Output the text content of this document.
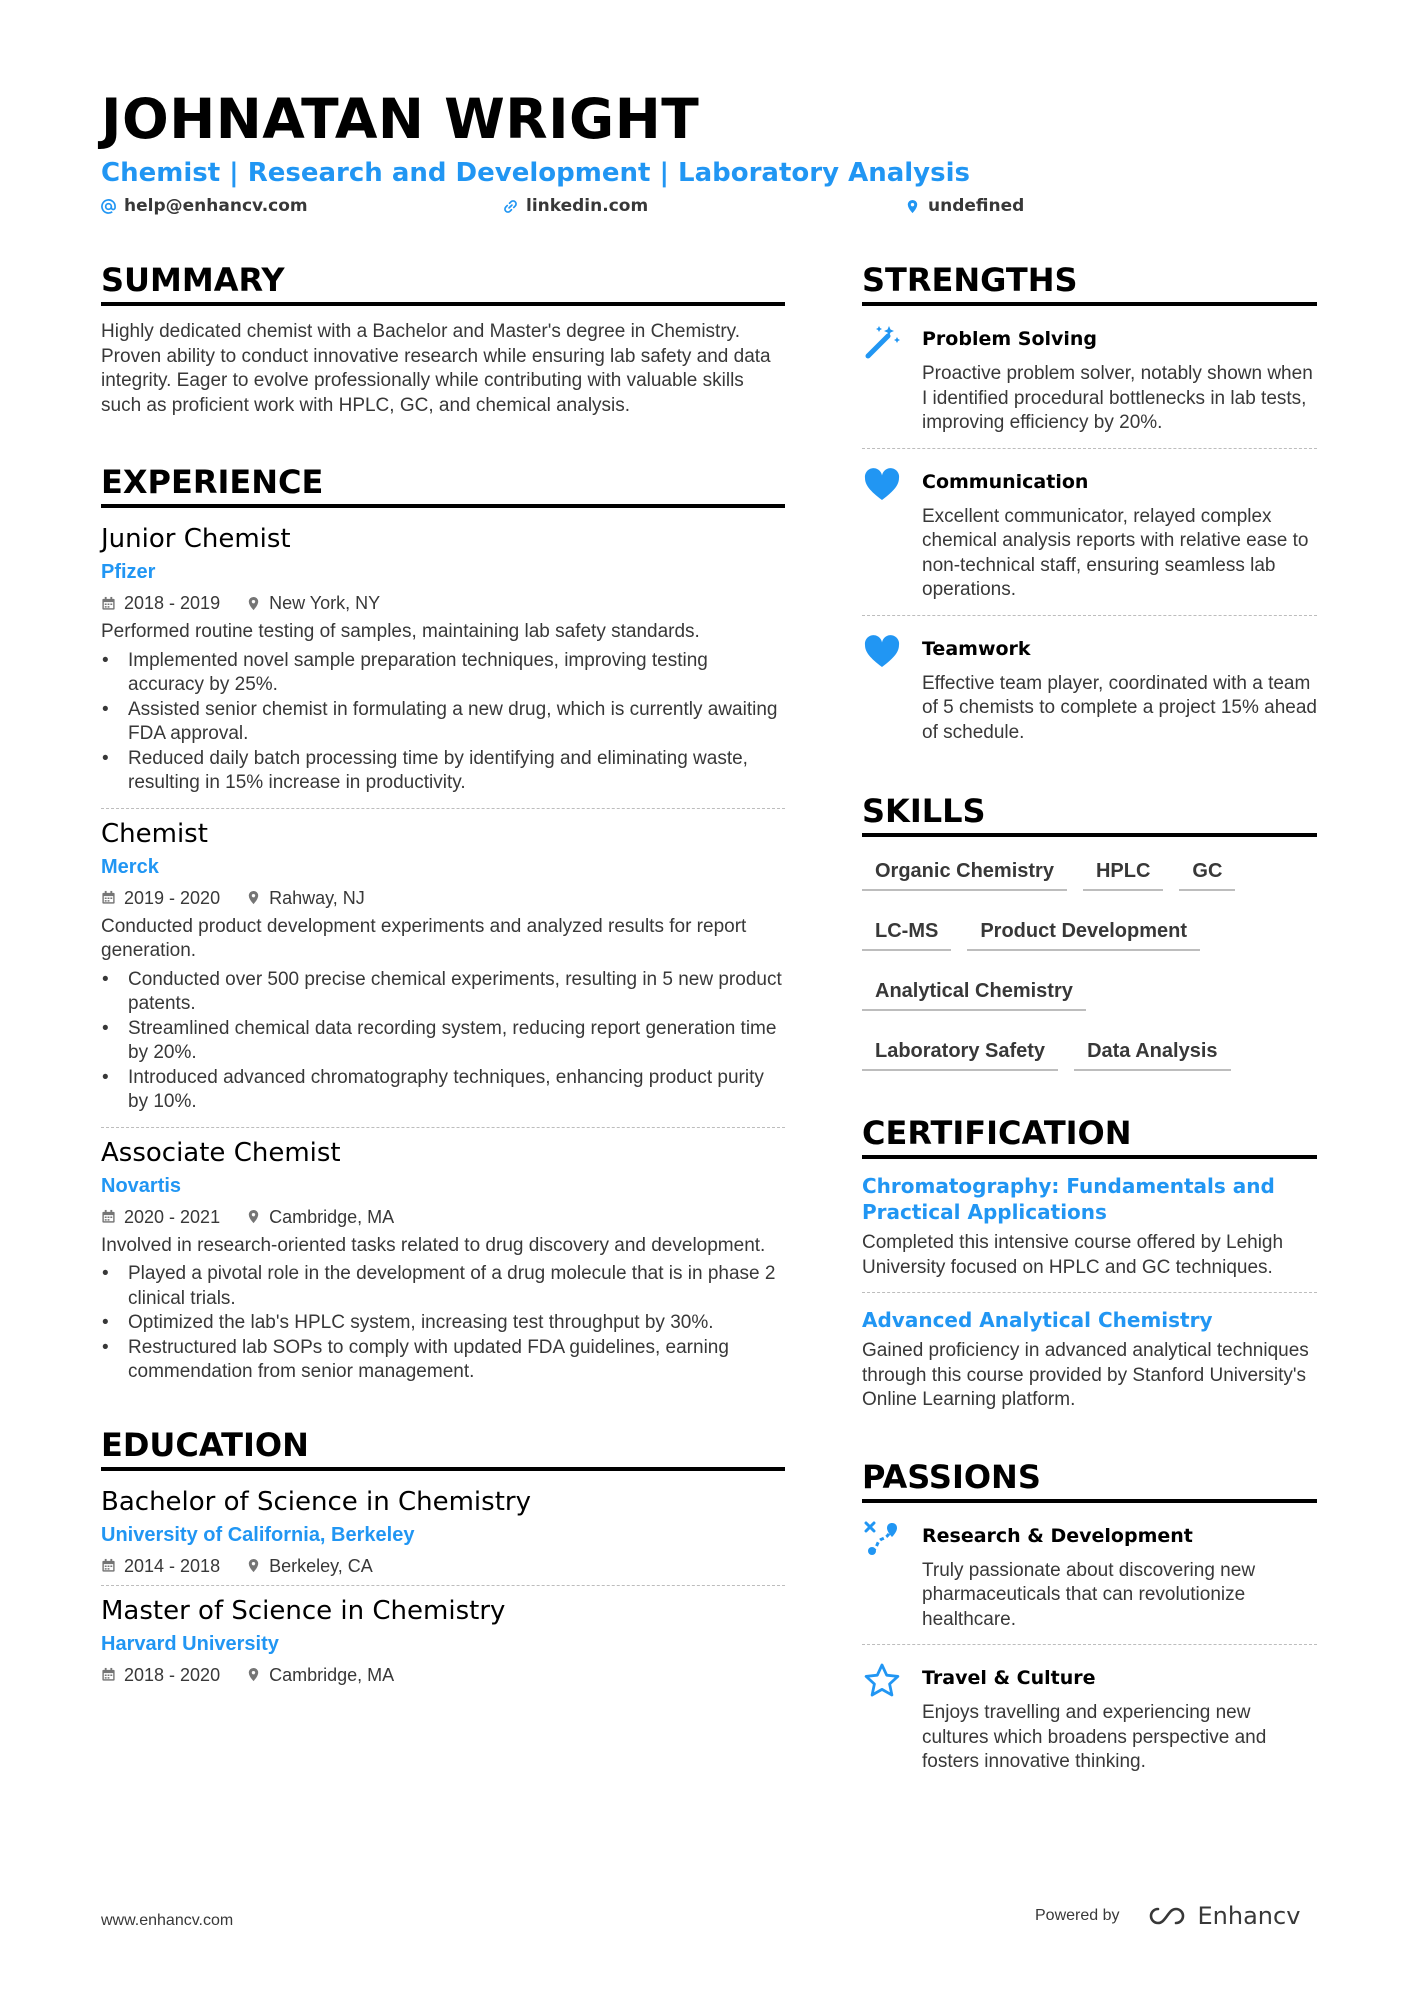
JOHNATAN WRIGHT
Chemist | Research and Development | Laboratory Analysis
help@enhancv.com	linkedin.com	undefined
SUMMARY

Highly dedicated chemist with a Bachelor and Master's degree in Chemistry. Proven ability to conduct innovative research while ensuring lab safety and data integrity. Eager to evolve professionally while contributing with valuable skills such as proficient work with HPLC, GC, and chemical analysis.

EXPERIENCE
Junior Chemist
Pfizer
2018 - 2019	New York, NY

Performed routine testing of samples, maintaining lab safety standards.

• Implemented novel sample preparation techniques, improving testing accuracy by 25%.
• Assisted senior chemist in formulating a new drug, which is currently awaiting FDA approval.
• Reduced daily batch processing time by identifying and eliminating waste, resulting in 15% increase in productivity.
Chemist
Merck
2019 - 2020	Rahway, NJ

Conducted product development experiments and analyzed results for report generation.

• Conducted over 500 precise chemical experiments, resulting in 5 new product patents.
• Streamlined chemical data recording system, reducing report generation time by 20%.
• Introduced advanced chromatography techniques, enhancing product purity by 10%.
Associate Chemist
Novartis
2020 - 2021	Cambridge, MA

Involved in research-oriented tasks related to drug discovery and development.

• Played a pivotal role in the development of a drug molecule that is in phase 2 clinical trials.
• Optimized the lab's HPLC system, increasing test throughput by 30%.
• Restructured lab SOPs to comply with updated FDA guidelines, earning commendation from senior management.
EDUCATION
Bachelor of Science in Chemistry
University of California, Berkeley
2014 - 2018	Berkeley, CA
Master of Science in Chemistry
Harvard University
2018 - 2020	Cambridge, MA
STRENGTHS
Problem Solving
Proactive problem solver, notably shown when I identified procedural bottlenecks in lab tests, improving efficiency by 20%.
Communication
Excellent communicator, relayed complex chemical analysis reports with relative ease to non-technical staff, ensuring seamless lab operations.
Teamwork
Effective team player, coordinated with a team of 5 chemists to complete a project 15% ahead of schedule.
SKILLS
Organic Chemistry	HPLC	GC
LC-MS	Product Development
Analytical Chemistry
Laboratory Safety	Data Analysis
CERTIFICATION
Chromatography: Fundamentals and Practical Applications
Completed this intensive course offered by Lehigh University focused on HPLC and GC techniques.
Advanced Analytical Chemistry
Gained proficiency in advanced analytical techniques through this course provided by Stanford University's Online Learning platform.
PASSIONS
Research & Development
Truly passionate about discovering new pharmaceuticals that can revolutionize healthcare.
Travel & Culture
Enjoys travelling and experiencing new cultures which broadens perspective and fosters innovative thinking.
www.enhancv.com	Powered by	Enhancv
